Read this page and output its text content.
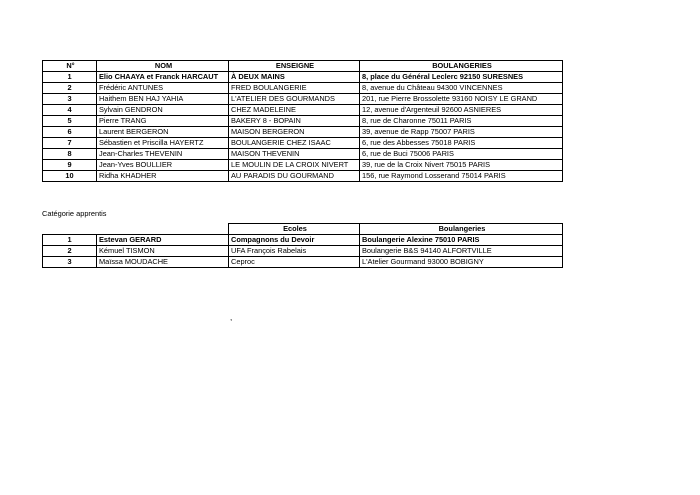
N°	NOM	ENSEIGNE	BOULANGERIES
1	Elio CHAAYA et Franck HARCAUT	À DEUX MAINS	8, place du Général Leclerc 92150 SURESNES
2	Frédéric ANTUNES	FRED BOULANGERIE	8, avenue du Château 94300 VINCENNES
3	Haithem BEN HAJ YAHIA	L'ATELIER DES GOURMANDS	201, rue Pierre Brossolette 93160 NOISY LE GRAND
4	Sylvain GENDRON	CHEZ MADELEINE	12, avenue d'Argenteuil 92600 ASNIERES
5	Pierre TRANG	BAKERY 8 - BOPAIN	8, rue de Charonne 75011 PARIS
6	Laurent BERGERON	MAISON BERGERON	39, avenue de Rapp 75007 PARIS
7	Sébastien et Priscilla HAYERTZ	BOULANGERIE CHEZ ISAAC	6, rue des Abbesses 75018 PARIS
8	Jean-Charles THEVENIN	MAISON THEVENIN	6, rue de Buci 75006 PARIS
9	Jean-Yves BOULLIER	LE MOULIN DE LA CROIX NIVERT	39, rue de la Croix Nivert 75015 PARIS
10	Ridha KHADHER	AU PARADIS DU GOURMAND	156, rue Raymond Losserand 75014 PARIS
Catégorie apprentis
		Ecoles	Boulangeries
1	Estevan GERARD	Compagnons du Devoir	Boulangerie Alexine 75010 PARIS
2	Kémuel TISMON	UFA François Rabelais	Boulangerie B&S 94140 ALFORTVILLE
3	Maïssa MOUDACHE	Ceproc	L'Atelier Gourmand 93000 BOBIGNY
,
